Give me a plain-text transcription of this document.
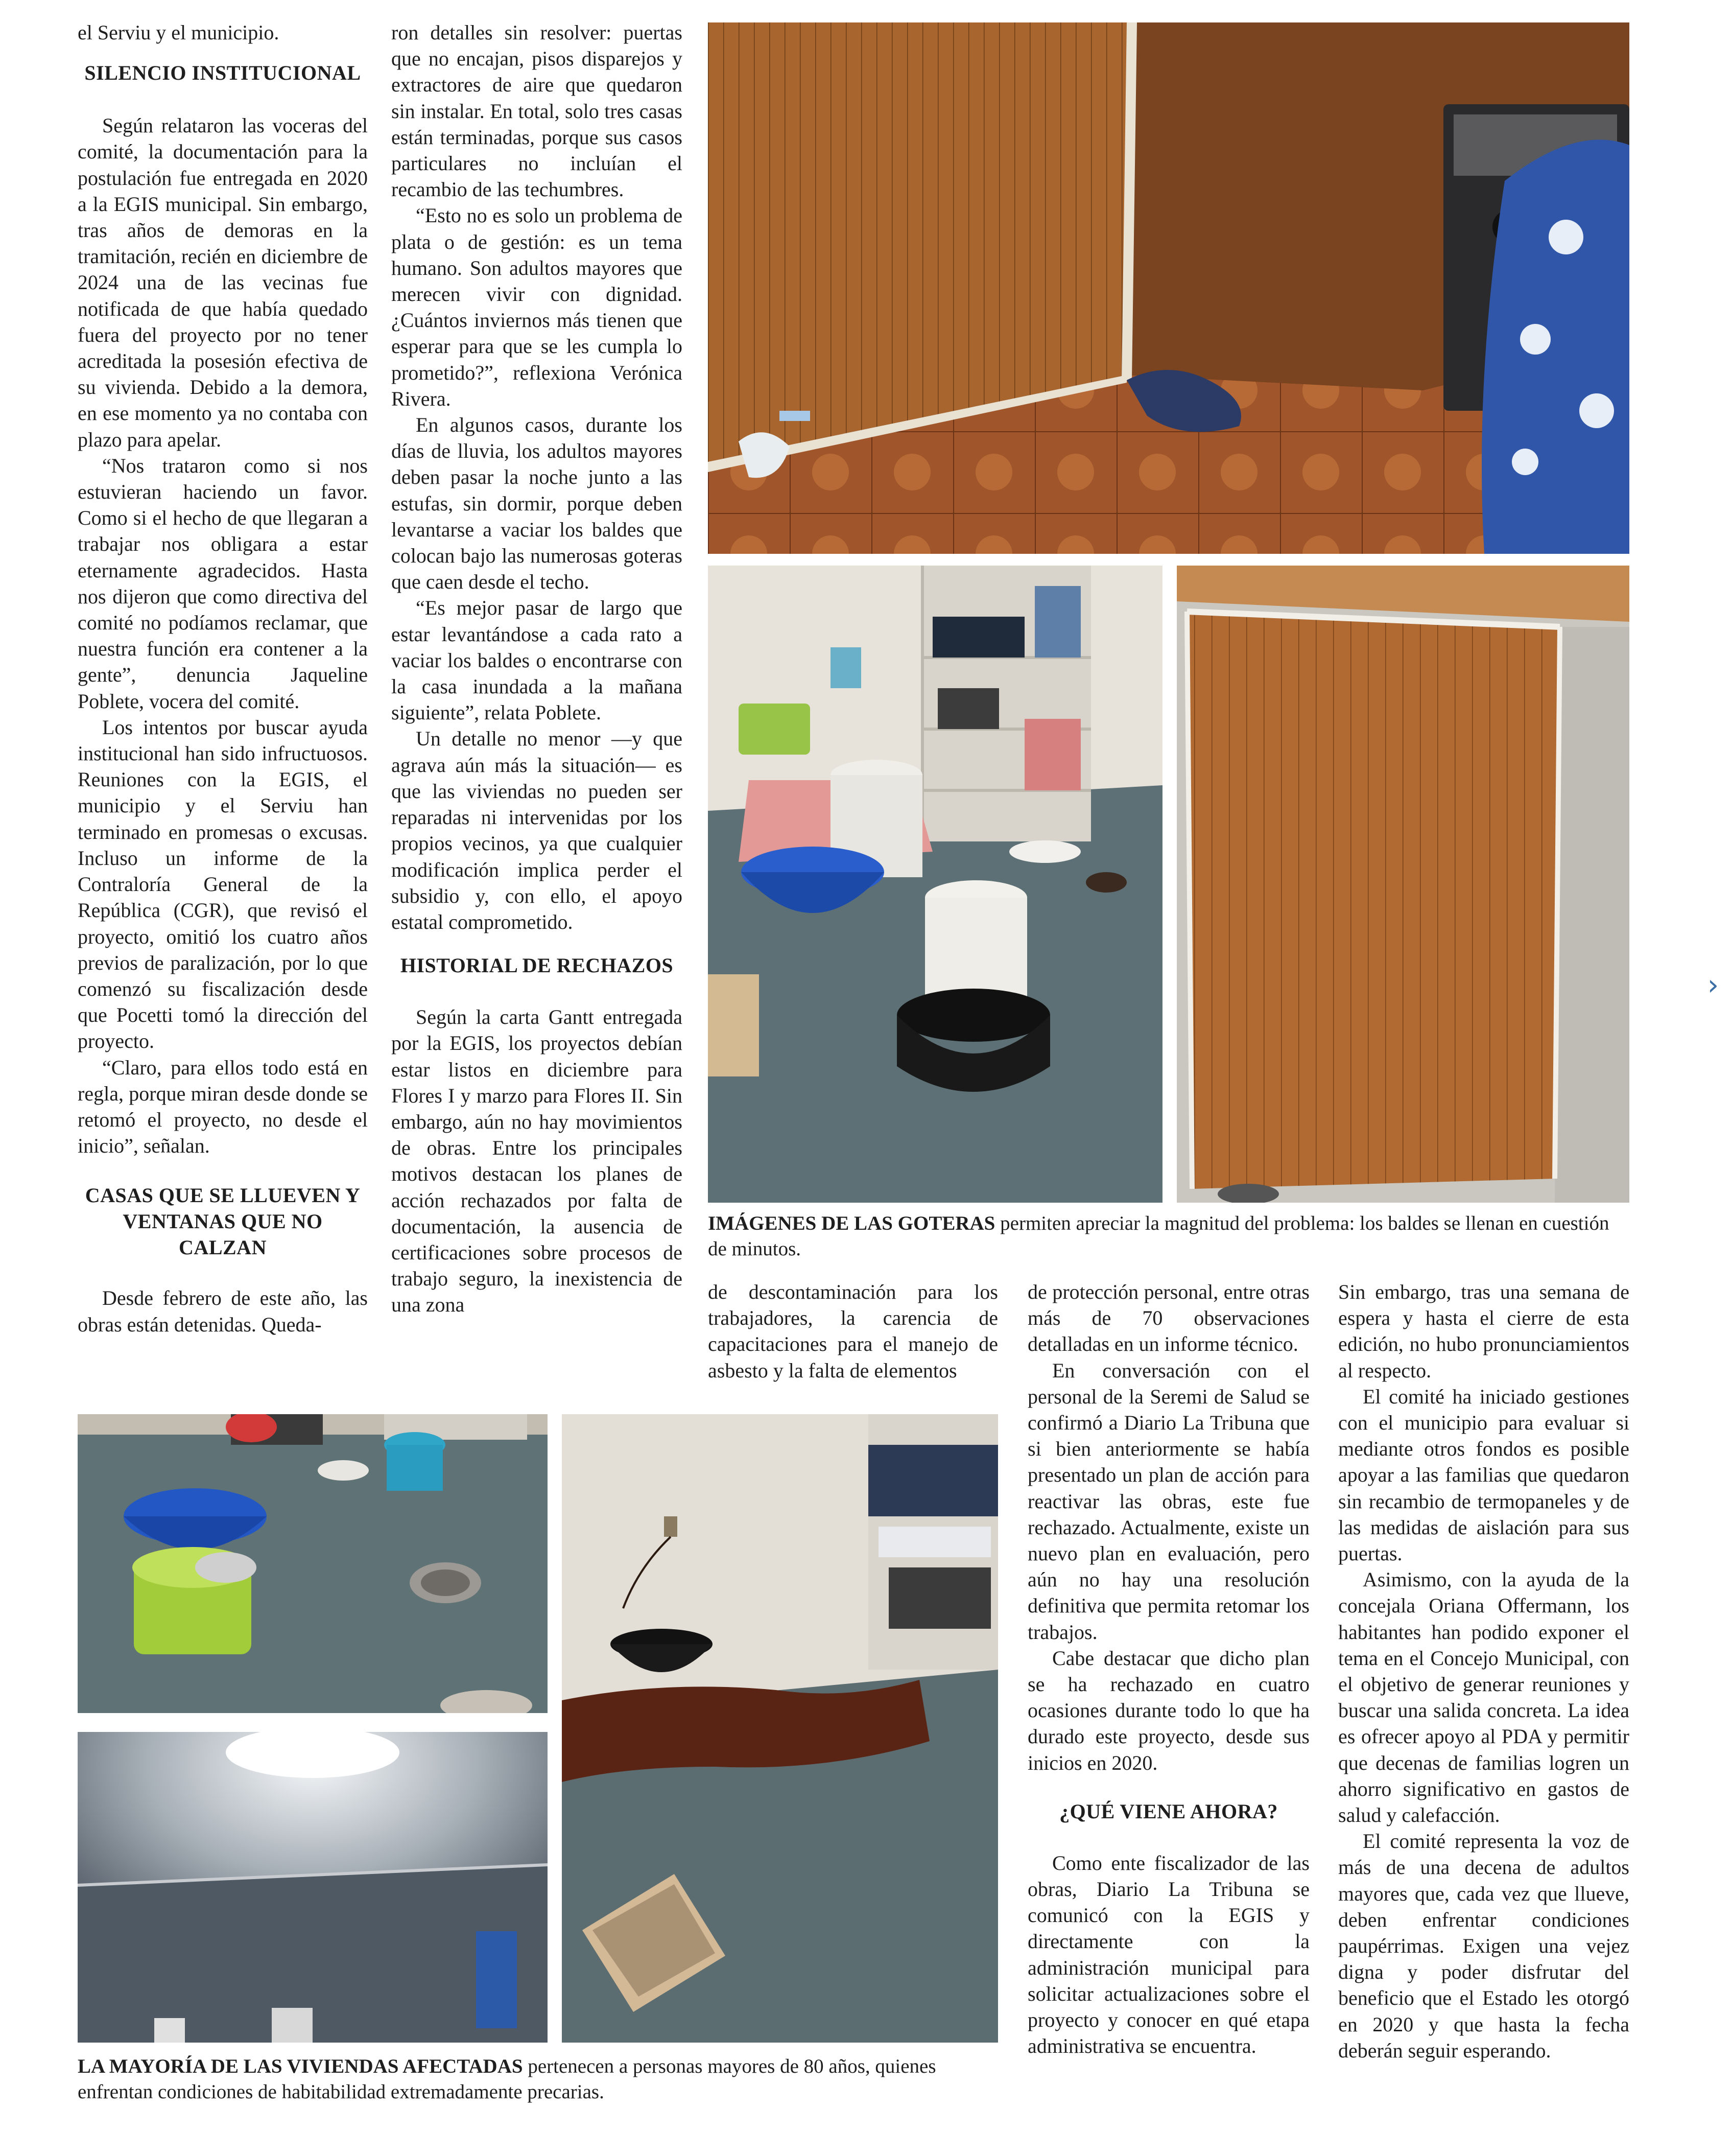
el Serviu y el municipio.

SILENCIO INSTITUCIONAL

Según relataron las voceras del comité, la documentación para la postulación fue entregada en 2020 a la EGIS municipal. Sin embargo, tras años de demoras en la tramitación, recién en diciembre de 2024 una de las vecinas fue notificada de que había quedado fuera del proyecto por no tener acreditada la posesión efectiva de su vivienda. Debido a la demora, en ese momento ya no contaba con plazo para apelar.

“Nos trataron como si nos estuvieran haciendo un favor. Como si el hecho de que llegaran a trabajar nos obligara a estar eternamente agradecidos. Hasta nos dijeron que como directiva del comité no podíamos reclamar, que nuestra función era contener a la gente”, denuncia Jaqueline Poblete, vocera del comité.

Los intentos por buscar ayuda institucional han sido infructuosos. Reuniones con la EGIS, el municipio y el Serviu han terminado en promesas o excusas. Incluso un informe de la Contraloría General de la República (CGR), que revisó el proyecto, omitió los cuatro años previos de paralización, por lo que comenzó su fiscalización desde que Pocetti tomó la dirección del proyecto.

“Claro, para ellos todo está en regla, porque miran desde donde se retomó el proyecto, no desde el inicio”, señalan.

CASAS QUE SE LLUEVEN Y VENTANAS QUE NO CALZAN

Desde febrero de este año, las obras están detenidas. Queda-

ron detalles sin resolver: puertas que no encajan, pisos disparejos y extractores de aire que quedaron sin instalar. En total, solo tres casas están terminadas, porque sus casos particulares no incluían el recambio de las techumbres.

“Esto no es solo un problema de plata o de gestión: es un tema humano. Son adultos mayores que merecen vivir con dignidad. ¿Cuántos inviernos más tienen que esperar para que se les cumpla lo prometido?”, reflexiona Verónica Rivera.

En algunos casos, durante los días de lluvia, los adultos mayores deben pasar la noche junto a las estufas, sin dormir, porque deben levantarse a vaciar los baldes que colocan bajo las numerosas goteras que caen desde el techo.

“Es mejor pasar de largo que estar levantándose a cada rato a vaciar los baldes o encontrarse con la casa inundada a la mañana siguiente”, relata Poblete.

Un detalle no menor —y que agrava aún más la situación— es que las viviendas no pueden ser reparadas ni intervenidas por los propios vecinos, ya que cualquier modificación implica perder el subsidio y, con ello, el apoyo estatal comprometido.

HISTORIAL DE RECHAZOS

Según la carta Gantt entregada por la EGIS, los proyectos debían estar listos en diciembre para Flores I y marzo para Flores II. Sin embargo, aún no hay movimientos de obras. Entre los principales motivos destacan los planes de acción rechazados por falta de documentación, la ausencia de certificaciones sobre procesos de trabajo seguro, la inexistencia de una zona

de descontaminación para los trabajadores, la carencia de capacitaciones para el manejo de asbesto y la falta de elementos

de protección personal, entre otras más de 70 observaciones detalladas en un informe técnico.

En conversación con el personal de la Seremi de Salud se confirmó a Diario La Tribuna que si bien anteriormente se había presentado un plan de acción para reactivar las obras, este fue rechazado. Actualmente, existe un nuevo plan en evaluación, pero aún no hay una resolución definitiva que permita retomar los trabajos.

Cabe destacar que dicho plan se ha rechazado en cuatro ocasiones durante todo lo que ha durado este proyecto, desde sus inicios en 2020.

¿QUÉ VIENE AHORA?

Como ente fiscalizador de las obras, Diario La Tribuna se comunicó con la EGIS y directamente con la administración municipal para solicitar actualizaciones sobre el proyecto y conocer en qué etapa administrativa se encuentra.

Sin embargo, tras una semana de espera y hasta el cierre de esta edición, no hubo pronunciamientos al respecto.

El comité ha iniciado gestiones con el municipio para evaluar si mediante otros fondos es posible apoyar a las familias que quedaron sin recambio de termopaneles y de las medidas de aislación para sus puertas.

Asimismo, con la ayuda de la concejala Oriana Offermann, los habitantes han podido exponer el tema en el Concejo Municipal, con el objetivo de generar reuniones y buscar una salida concreta. La idea es ofrecer apoyo al PDA y permitir que decenas de familias logren un ahorro significativo en gastos de salud y calefacción.

El comité representa la voz de más de una decena de adultos mayores que, cada vez que llueve, deben enfrentar condiciones paupérrimas. Exigen una vejez digna y poder disfrutar del beneficio que el Estado les otorgó en 2020 y que hasta la fecha deberán seguir esperando.

IMÁGENES DE LAS GOTERAS permiten apreciar la magnitud del problema: los baldes se llenan en cuestión de minutos.
LA MAYORÍA DE LAS VIVIENDAS AFECTADAS pertenecen a personas mayores de 80 años, quienes enfrentan condiciones de habitabilidad extremadamente precarias.
›
